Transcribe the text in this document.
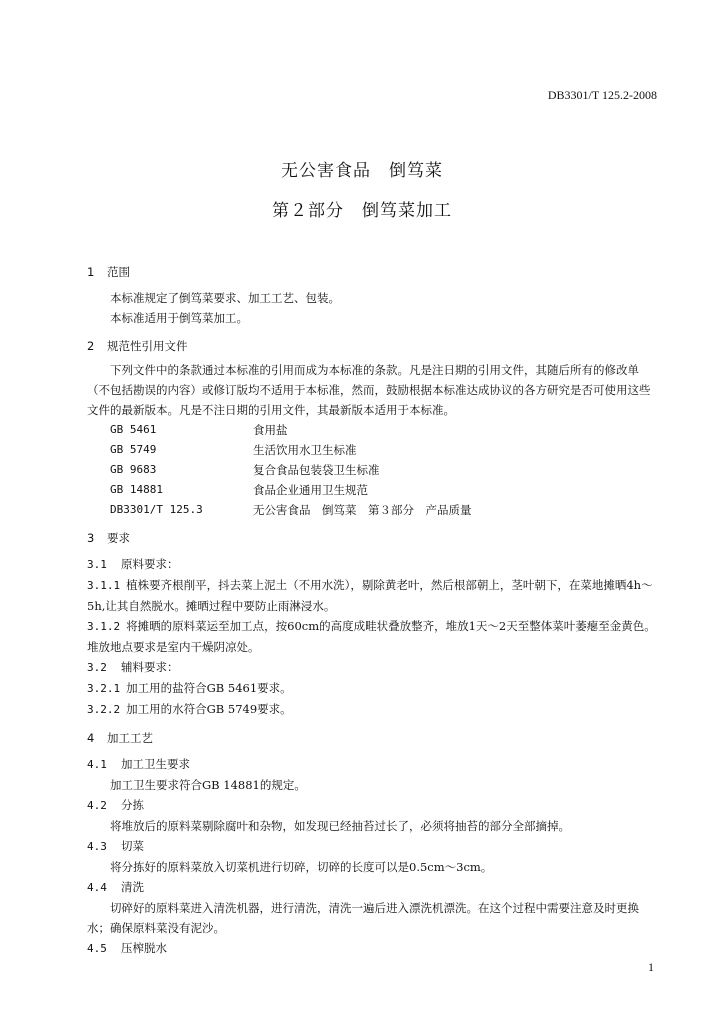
DB3301/T 125.2-2008
无公害食品　倒笃菜
第２部分　倒笃菜加工
1 范围
本标准规定了倒笃菜要求、加工工艺、包装。
本标准适用于倒笃菜加工。
2 规范性引用文件
下列文件中的条款通过本标准的引用而成为本标准的条款。凡是注日期的引用文件，其随后所有的修改单（不包括勘误的内容）或修订版均不适用于本标准，然而，鼓励根据本标准达成协议的各方研究是否可使用这些文件的最新版本。凡是不注日期的引用文件，其最新版本适用于本标准。
GB 5461	食用盐
GB 5749	生活饮用水卫生标准
GB 9683	复合食品包装袋卫生标准
GB 14881	食品企业通用卫生规范
DB3301/T 125.3	无公害食品　倒笃菜　第３部分　产品质量
3 要求
3.1 原料要求：
3.1.1 植株要齐根削平，抖去菜上泥土（不用水洗），剔除黄老叶，然后根部朝上，茎叶朝下，在菜地摊晒4h～5h,让其自然脱水。摊晒过程中要防止雨淋浸水。
3.1.2 将摊晒的原料菜运至加工点，按60cm的高度成畦状叠放整齐，堆放1天～2天至整体菜叶萎瘪至金黄色。堆放地点要求是室内干燥阴凉处。
3.2 辅料要求：
3.2.1 加工用的盐符合GB 5461要求。
3.2.2 加工用的水符合GB 5749要求。
4 加工工艺
4.1 加工卫生要求
加工卫生要求符合GB 14881的规定。
4.2 分拣
将堆放后的原料菜剔除腐叶和杂物，如发现已经抽苔过长了，必须将抽苔的部分全部摘掉。
4.3 切菜
将分拣好的原料菜放入切菜机进行切碎，切碎的长度可以是0.5cm～3cm。
4.4 清洗
切碎好的原料菜进入清洗机器，进行清洗，清洗一遍后进入漂洗机漂洗。在这个过程中需要注意及时更换水；确保原料菜没有泥沙。
4.5 压榨脱水
1
